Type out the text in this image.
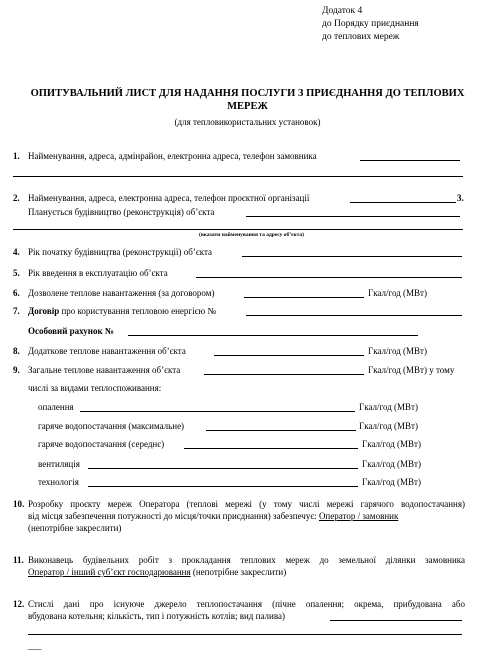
Додаток 4
до Порядку приєднання
до теплових мереж
ОПИТУВАЛЬНИЙ ЛИСТ ДЛЯ НАДАННЯ ПОСЛУГИ З ПРИЄДНАННЯ ДО ТЕПЛОВИХ
МЕРЕЖ
(для тепловикористальних установок)
1. Найменування, адреса, адмінрайон, електронна адреса, телефон замовника
2. Найменування, адреса, електронна адреса, телефон проєктної організації	3.
Планується будівництво (реконструкція) об’єкта
(вказати найменування та адресу об’єкта)
4. Рік початку будівництва (реконструкції) об’єкта
5. Рік введення в експлуатацію об’єкта
6. Дозволене теплове навантаження (за договором)	Гкал/год (МВт)
7. Договір про користування тепловою енергією №
Особовий рахунок №
8. Додаткове теплове навантаження об’єкта	Гкал/год (МВт)
9. Загальне теплове навантаження об’єкта	Гкал/год (МВт) у тому
числі за видами теплоспоживання:
опалення	Гкал/год (МВт)
гаряче водопостачання (максимальне)	Гкал/год (МВт)
гаряче водопостачання (середнє)	Гкал/год (МВт)
вентиляція	Гкал/год (МВт)
технологія	Гкал/год (МВт)
10. Розробку проєкту мереж Оператора (теплові мережі (у тому числі мережі гарячого водопостачання)
від місця забезпечення потужності до місця/точки приєднання) забезпечує: Оператор / замовник
(непотрібне закреслити)
11. Виконавець будівельних робіт з прокладання теплових мереж до земельної ділянки замовника
Оператор / інший суб’єкт господарювання (непотрібне закреслити)
12. Стислі дані про існуюче джерело теплопостачання (пічне опалення; окрема, прибудована або
вбудована котельня; кількість, тип і потужність котлів; вид палива)
___
